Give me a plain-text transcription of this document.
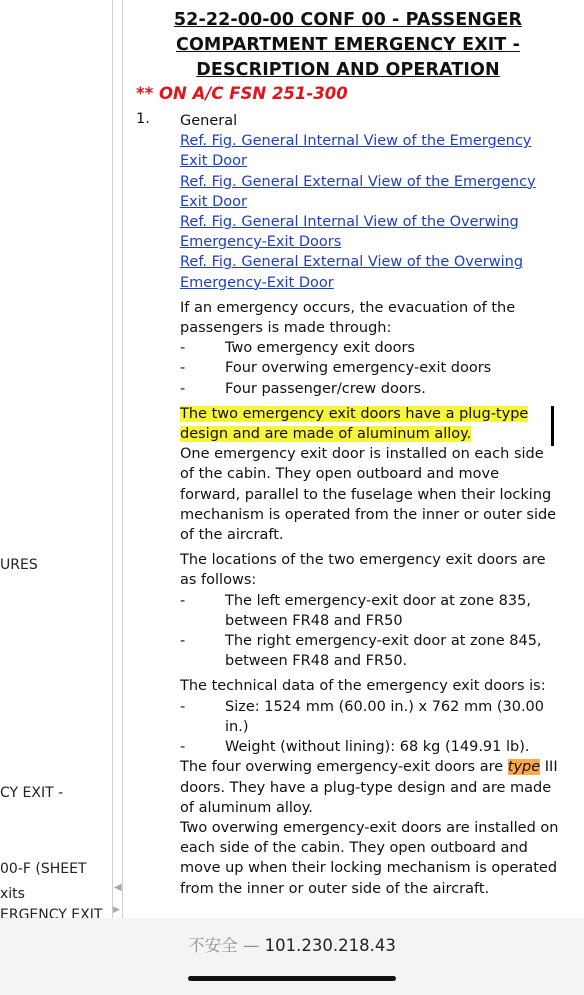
URES
CY EXIT -
00-F (SHEET
xits
ERGENCY EXIT
◀
▶
52-22-00-00 CONF 00 - PASSENGER COMPARTMENT EMERGENCY EXIT - DESCRIPTION AND OPERATION

** ON A/C FSN 251-300

1. General

Ref. Fig. General Internal View of the Emergency Exit Door
Ref. Fig. General External View of the Emergency Exit Door
Ref. Fig. General Internal View of the Overwing Emergency-Exit Doors
Ref. Fig. General External View of the Overwing Emergency-Exit Door

If an emergency occurs, the evacuation of the passengers is made through:

-	Two emergency exit doors
-	Four overwing emergency-exit doors
-	Four passenger/crew doors.

The two emergency exit doors have a plug-type design and are made of aluminum alloy.

One emergency exit door is installed on each side of the cabin. They open outboard and move forward, parallel to the fuselage when their locking mechanism is operated from the inner or outer side of the aircraft.

The locations of the two emergency exit doors are as follows:

-	The left emergency-exit door at zone 835, between FR48 and FR50
-	The right emergency-exit door at zone 845, between FR48 and FR50.

The technical data of the emergency exit doors is:

-	Size: 1524 mm (60.00 in.) x 762 mm (30.00 in.)
-	Weight (without lining): 68 kg (149.91 lb).

The four overwing emergency-exit doors are type III doors. They have a plug-type design and are made of aluminum alloy.

Two overwing emergency-exit doors are installed on each side of the cabin. They open outboard and move up when their locking mechanism is operated from the inner or outer side of the aircraft.

不安全 — 101.230.218.43
